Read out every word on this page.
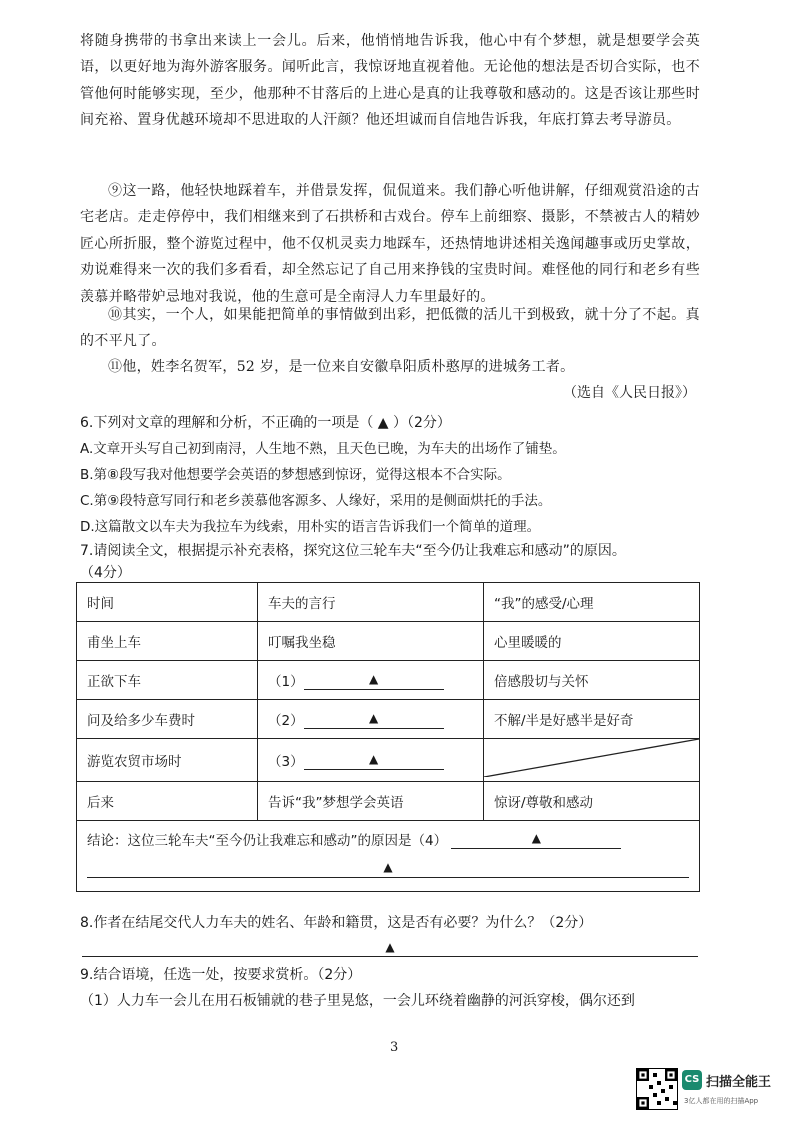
将随身携带的书拿出来读上一会儿。后来，他悄悄地告诉我，他心中有个梦想，就是想要学会英语，以更好地为海外游客服务。闻听此言，我惊讶地直视着他。无论他的想法是否切合实际，也不管他何时能够实现，至少，他那种不甘落后的上进心是真的让我尊敬和感动的。这是否该让那些时间充裕、置身优越环境却不思进取的人汗颜？他还坦诚而自信地告诉我，年底打算去考导游员。
⑨这一路，他轻快地踩着车，并借景发挥，侃侃道来。我们静心听他讲解，仔细观赏沿途的古宅老店。走走停停中，我们相继来到了石拱桥和古戏台。停车上前细察、摄影，不禁被古人的精妙匠心所折服，整个游览过程中，他不仅机灵卖力地踩车，还热情地讲述相关逸闻趣事或历史掌故，劝说难得来一次的我们多看看，却全然忘记了自己用来挣钱的宝贵时间。难怪他的同行和老乡有些羡慕并略带妒忌地对我说，他的生意可是全南浔人力车里最好的。
⑩其实，一个人，如果能把简单的事情做到出彩，把低微的活儿干到极致，就十分了不起。真的不平凡了。
⑪他，姓李名贺军，52 岁，是一位来自安徽阜阳质朴憨厚的进城务工者。
（选自《人民日报》）
6.下列对文章的理解和分析，不正确的一项是（ ▲ ）（2分）
A.文章开头写自己初到南浔，人生地不熟，且天色已晚，为车夫的出场作了铺垫。
B.第⑧段写我对他想要学会英语的梦想感到惊讶，觉得这根本不合实际。
C.第⑨段特意写同行和老乡羡慕他客源多、人缘好，采用的是侧面烘托的手法。
D.这篇散文以车夫为我拉车为线索，用朴实的语言告诉我们一个简单的道理。
7.请阅读全文，根据提示补充表格，探究这位三轮车夫“至今仍让我难忘和感动”的原因。
（4分）
时间	车夫的言行	“我”的感受/心理
甫坐上车	叮嘱我坐稳	心里暖暖的
正欲下车	（1） ▲	倍感殷切与关怀
问及给多少车费时	（2） ▲	不解/半是好感半是好奇
游览农贸市场时	（3） ▲	
后来	告诉“我”梦想学会英语	惊讶/尊敬和感动
结论：这位三轮车夫“至今仍让我难忘和感动”的原因是（4） ▲
▲		
8.作者在结尾交代人力车夫的姓名、年龄和籍贯，这是否有必要？为什么？（2分）
▲
9.结合语境，任选一处，按要求赏析。（2分）
（1）人力车一会儿在用石板铺就的巷子里晃悠，一会儿环绕着幽静的河浜穿梭，偶尔还到
3
CS 扫描全能王
3亿人都在用的扫描App
